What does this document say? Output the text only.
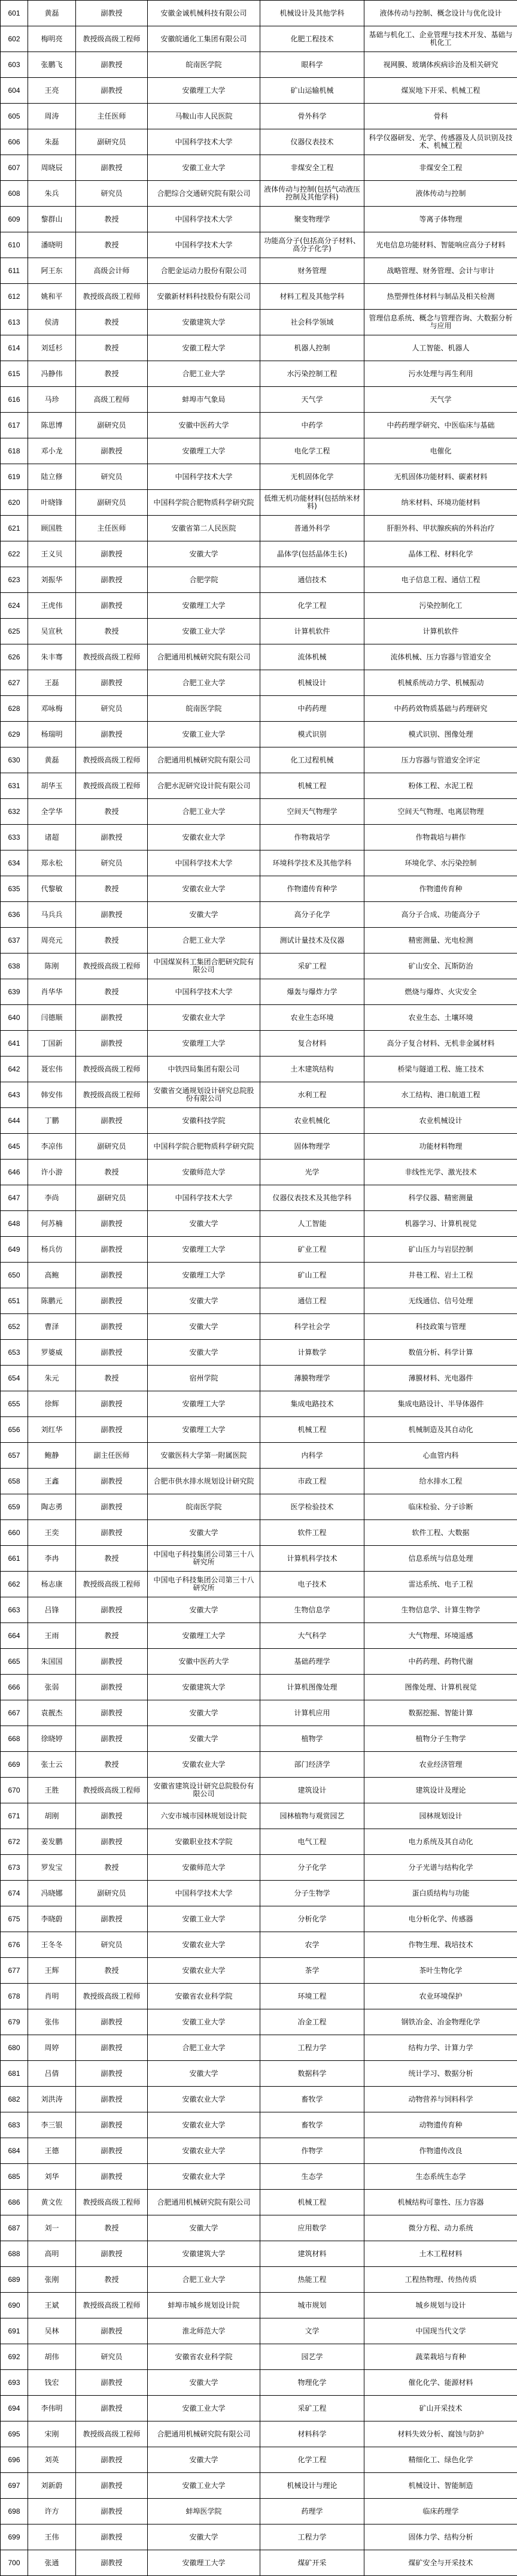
601	黄磊	副教授	安徽金诚机械科技有限公司	机械设计及其他学科	液体传动与控制、概念设计与优化设计
602	梅明亮	教授级高级工程师	安徽皖通化工集团有限公司	化肥工程技术	基础与机化工、企业管理与技术开发、基础与机化工
603	张鹏飞	副教授	皖南医学院	眼科学	视网膜、玻璃体疾病诊治及相关研究
604	王亮	副教授	安徽理工大学	矿山运输机械	煤炭地下开采、机械工程
605	周涛	主任医师	马鞍山市人民医院	骨外科学	骨科
606	朱磊	副研究员	中国科学技术大学	仪器仪表技术	科学仪器研发、光学、传感器及人员识别及技术、机械工程
607	周晓辰	副教授	安徽工业大学	非煤安全工程	非煤安全工程
608	朱兵	研究员	合肥综合交通研究院有限公司	液体传动与控制(包括气动液压控制及其他学科)	液体传动与控制
609	黎群山	教授	中国科学技术大学	聚变物理学	等离子体物理
610	潘晓明	教授	中国科学技术大学	功能高分子(包括高分子材料、高分子化学)	光电信息功能材料、智能响应高分子材料
611	阿王东	高级会计师	合肥金运动力股份有限公司	财务管理	战略管理、财务管理、会计与审计
612	姚和平	教授级高级工程师	安徽新材料科技股份有限公司	材料工程及其他学科	热塑弹性体材料与制品及相关检测
613	侯清	教授	安徽建筑大学	社会科学领域	管理信息系统、概念与管理咨询、大数据分析与应用
614	刘廷杉	教授	安徽工程大学	机器人控制	人工智能、机器人
615	冯静伟	教授	合肥工业大学	水污染控制工程	污水处理与再生利用
616	马珍	高级工程师	蚌埠市气象局	天气学	天气学
617	陈思博	副研究员	安徽中医药大学	中药学	中药药理学研究、中医临床与基础
618	邓小龙	副教授	安徽理工大学	电化学工程	电催化
619	陆立修	研究员	中国科学技术大学	无机固体化学	无机固体功能材料、碳素材料
620	叶晓锋	副研究员	中国科学院合肥物质科学研究院	低维无机功能材料(包括纳米材料)	纳米材料、环境功能材料
621	顾国胜	主任医师	安徽省第二人民医院	普通外科学	肝胆外科、甲状腺疾病的外科治疗
622	王义贝	副教授	安徽大学	晶体学(包括晶体生长)	晶体工程、材料化学
623	刘振华	副教授	合肥学院	通信技术	电子信息工程、通信工程
624	王虎伟	副教授	安徽理工大学	化学工程	污染控制化工
625	吴宣秋	教授	安徽工业大学	计算机软件	计算机软件
626	朱丰骞	教授级高级工程师	合肥通用机械研究院有限公司	流体机械	流体机械、压力容器与管道安全
627	王磊	副教授	合肥工业大学	机械设计	机械系统动力学、机械振动
628	邓咏梅	研究员	皖南医学院	中药药理	中药药效物质基础与药理研究
629	杨瑞明	副教授	安徽工业大学	模式识别	模式识别、图像处理
630	黄磊	教授级高级工程师	合肥通用机械研究院有限公司	化工过程机械	压力容器与管道安全评定
631	胡华玉	教授级高级工程师	合肥水泥研究设计院有限公司	机械工程	粉体工程、水泥工程
632	全学华	教授	合肥工业大学	空间天气物理学	空间天气物理、电离层物理
633	诸超	副教授	安徽农业大学	作物栽培学	作物栽培与耕作
634	郑永松	研究员	中国科学技术大学	环境科学技术及其他学科	环境化学、水污染控制
635	代黎敏	教授	安徽农业大学	作物遗传育种学	作物遗传育种
636	马兵兵	副教授	安徽大学	高分子化学	高分子合成、功能高分子
637	周亮元	教授	合肥工业大学	测试计量技术及仪器	精密测量、光电检测
638	陈刚	教授级高级工程师	中国煤炭科工集团合肥研究院有限公司	采矿工程	矿山安全、瓦斯防治
639	肖华华	教授	中国科学技术大学	爆轰与爆炸力学	燃烧与爆炸、火灾安全
640	闫德顺	副教授	安徽农业大学	农业生态环境	农业生态、土壤环境
641	丁国新	副教授	安徽理工大学	复合材料	高分子复合材料、无机非金属材料
642	聂宏伟	教授级高级工程师	中铁四局集团有限公司	土木建筑结构	桥梁与隧道工程、施工技术
643	韩安伟	教授级高级工程师	安徽省交通规划设计研究总院股份有限公司	水利工程	水工结构、港口航道工程
644	丁鹏	副教授	安徽科技学院	农业机械化	农业机械设计
645	李凉伟	副研究员	中国科学院合肥物质科学研究院	固体物理学	功能材料物理
646	许小游	教授	安徽师范大学	光学	非线性光学、激光技术
647	李尚	副研究员	中国科学技术大学	仪器仪表技术及其他学科	科学仪器、精密测量
648	何苏楠	副教授	安徽大学	人工智能	机器学习、计算机视觉
649	杨兵仿	副教授	安徽理工大学	矿业工程	矿山压力与岩层控制
650	高鲍	副教授	安徽理工大学	矿山工程	井巷工程、岩土工程
651	陈鹏元	副教授	安徽大学	通信工程	无线通信、信号处理
652	曹泽	副教授	安徽大学	科学社会学	科技政策与管理
653	罗婆威	副教授	安徽大学	计算数学	数值分析、科学计算
654	朱元	教授	宿州学院	薄膜物理学	薄膜材料、光电器件
655	徐辉	副教授	安徽理工大学	集成电路技术	集成电路设计、半导体器件
656	刘红华	副教授	安徽理工大学	机械工程	机械制造及其自动化
657	鲍静	副主任医师	安徽医科大学第一附属医院	内科学	心血管内科
658	王鑫	副教授	合肥市供水排水规划设计研究院	市政工程	给水排水工程
659	陶志勇	副教授	皖南医学院	医学检验技术	临床检验、分子诊断
660	王奕	副教授	安徽大学	软件工程	软件工程、大数据
661	李冉	教授	中国电子科技集团公司第三十八研究所	计算机科学技术	信息系统与信息处理
662	杨志康	教授级高级工程师	中国电子科技集团公司第三十八研究所	电子技术	雷达系统、电子工程
663	吕锋	副教授	安徽大学	生物信息学	生物信息学、计算生物学
664	王雨	教授	安徽理工大学	大气科学	大气物理、环境遥感
665	朱国国	副教授	安徽中医药大学	基础药理学	中药药理、药物代谢
666	张弱	副教授	安徽建筑大学	计算机图像处理	图像处理、计算机视觉
667	袁靓杰	副教授	安徽大学	计算机应用	数据挖掘、智能计算
668	徐晓婷	副教授	安徽大学	植物学	植物分子生物学
669	张士云	教授	安徽农业大学	部门经济学	农业经济管理
670	王胜	教授级高级工程师	安徽省建筑设计研究总院股份有限公司	建筑设计	建筑设计及理论
671	胡刚	副教授	六安市城市园林规划设计院	园林植物与观赏园艺	园林规划设计
672	姜发鹏	副教授	安徽职业技术学院	电气工程	电力系统及其自动化
673	罗发宝	教授	安徽师范大学	分子化学	分子光谱与结构化学
674	冯晓娜	副研究员	中国科学技术大学	分子生物学	蛋白质结构与功能
675	李晓蔚	副教授	安徽工业大学	分析化学	电分析化学、传感器
676	王冬冬	研究员	安徽农业大学	农学	作物生理、栽培技术
677	王辉	教授	安徽农业大学	茶学	茶叶生物化学
678	肖明	教授级高级工程师	安徽省农业科学院	环境工程	农业环境保护
679	张伟	副教授	安徽工业大学	冶金工程	钢铁冶金、冶金物理化学
680	周婷	副教授	合肥工业大学	工程力学	结构力学、计算力学
681	吕倩	副教授	安徽大学	数据科学	统计学习、数据分析
682	刘洪涛	副教授	安徽农业大学	畜牧学	动物营养与饲料科学
683	李三银	副教授	安徽农业大学	畜牧学	动物遗传育种
684	王德	副教授	安徽农业大学	作物学	作物遗传改良
685	刘华	副教授	安徽农业大学	生态学	生态系统生态学
686	黄文佐	教授级高级工程师	合肥通用机械研究院有限公司	机械工程	机械结构可靠性、压力容器
687	刘一	教授	安徽大学	应用数学	微分方程、动力系统
688	高明	副教授	安徽建筑大学	建筑材料	土木工程材料
689	张刚	教授	合肥工业大学	热能工程	工程热物理、传热传质
690	王斌	教授级高级工程师	蚌埠市城乡规划设计院	城市规划	城乡规划与设计
691	吴林	副教授	淮北师范大学	文学	中国现当代文学
692	胡伟	研究员	安徽省农业科学院	园艺学	蔬菜栽培与育种
693	钱宏	副教授	安徽大学	物理化学	催化化学、能源材料
694	李伟明	副教授	安徽工业大学	采矿工程	矿山开采技术
695	宋刚	教授级高级工程师	合肥通用机械研究院有限公司	材料科学	材料失效分析、腐蚀与防护
696	刘英	副教授	安徽大学	化学工程	精细化工、绿色化学
697	刘新蔚	副教授	安徽工业大学	机械设计与理论	机械设计、智能制造
698	许方	副教授	蚌埠医学院	药理学	临床药理学
699	王伟	副教授	安徽大学	工程力学	固体力学、结构分析
700	张通	副教授	安徽理工大学	煤矿开采	煤矿安全与开采技术
